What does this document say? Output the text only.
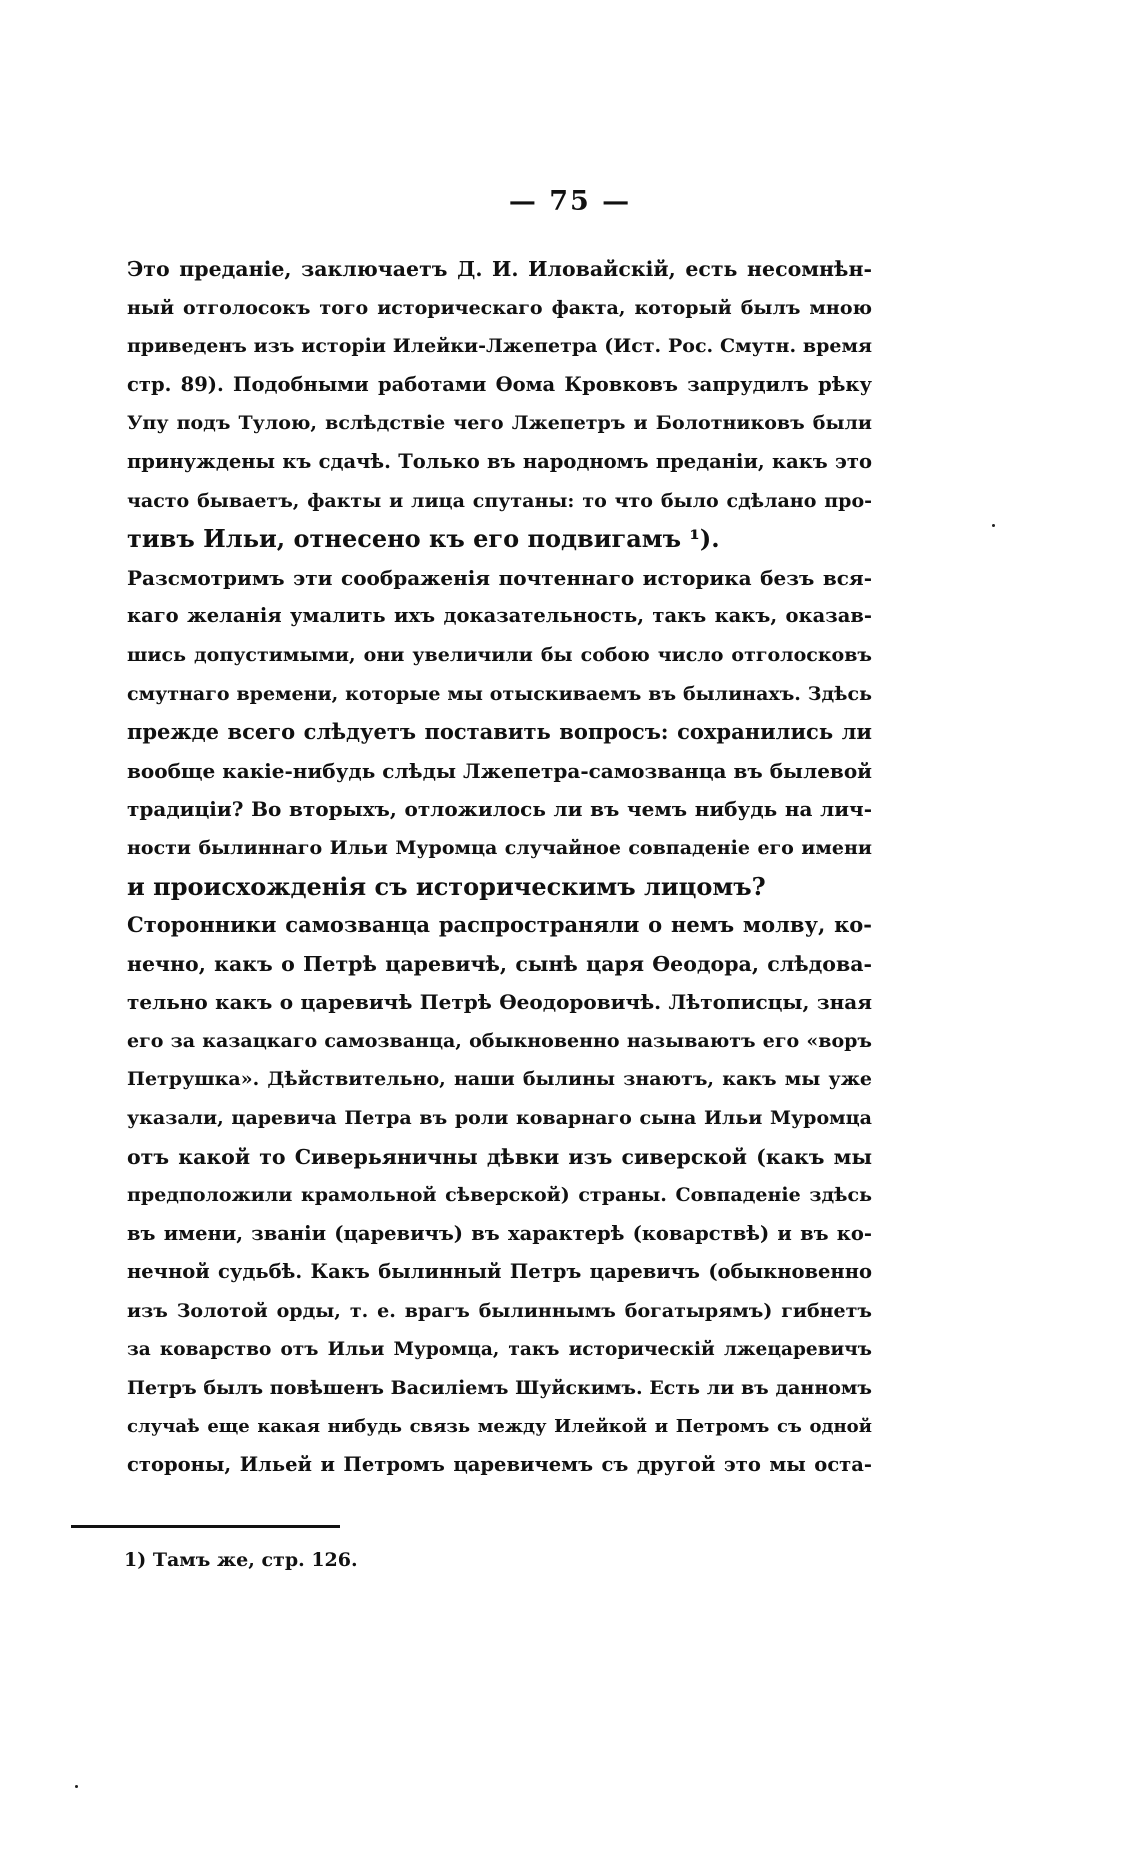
— 75 —
Это преданіе, заключаетъ Д. И. Иловайскій, есть несомнѣн-
ный отголосокъ того историческаго факта, который былъ мною
приведенъ изъ исторіи Илейки-Лжепетра (Ист. Рос. Смутн. время
стр. 89). Подобными работами Ѳома Кровковъ запрудилъ рѣку
Упу подъ Тулою, вслѣдствіе чего Лжепетръ и Болотниковъ были
принуждены къ сдачѣ. Только въ народномъ преданіи, какъ это
часто бываетъ, факты и лица спутаны: то что было сдѣлано про-
тивъ Ильи, отнесено къ его подвигамъ ¹).
Разсмотримъ эти соображенія почтеннаго историка безъ вся-
каго желанія умалить ихъ доказательность, такъ какъ, оказав-
шись допустимыми, они увеличили бы собою число отголосковъ
смутнаго времени, которые мы отыскиваемъ въ былинахъ. Здѣсь
прежде всего слѣдуетъ поставить вопросъ: сохранились ли
вообще какіе-нибудь слѣды Лжепетра-самозванца въ былевой
традиціи? Во вторыхъ, отложилось ли въ чемъ нибудь на лич-
ности былиннаго Ильи Муромца случайное совпаденіе его имени
и происхожденія съ историческимъ лицомъ?
Сторонники самозванца распространяли о немъ молву, ко-
нечно, какъ о Петрѣ царевичѣ, сынѣ царя Ѳеодора, слѣдова-
тельно какъ о царевичѣ Петрѣ Ѳеодоровичѣ. Лѣтописцы, зная
его за казацкаго самозванца, обыкновенно называютъ его «воръ
Петрушка». Дѣйствительно, наши былины знаютъ, какъ мы уже
указали, царевича Петра въ роли коварнаго сына Ильи Муромца
отъ какой то Сиверьяничны дѣвки изъ сиверской (какъ мы
предположили крамольной сѣверской) страны. Совпаденіе здѣсь
въ имени, званіи (царевичъ) въ характерѣ (коварствѣ) и въ ко-
нечной судьбѣ. Какъ былинный Петръ царевичъ (обыкновенно
изъ Золотой орды, т. е. врагъ былиннымъ богатырямъ) гибнетъ
за коварство отъ Ильи Муромца, такъ историческій лжецаревичъ
Петръ былъ повѣшенъ Василіемъ Шуйскимъ. Есть ли въ данномъ
случаѣ еще какая нибудь связь между Илейкой и Петромъ съ одной
стороны, Ильей и Петромъ царевичемъ съ другой это мы оста-
1) Тамъ же, стр. 126.
